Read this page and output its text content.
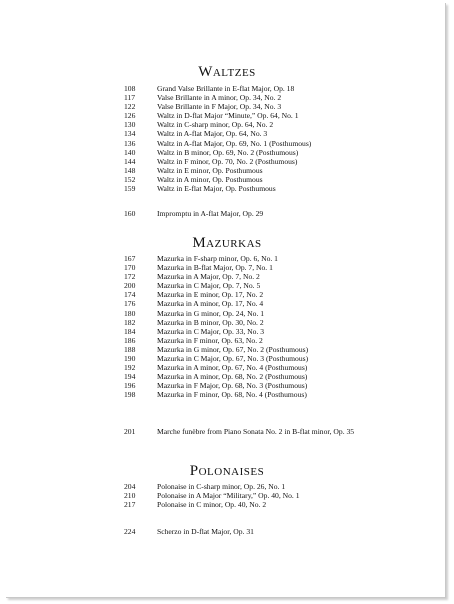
Waltzes
108	Grand Valse Brillante in E-flat Major, Op. 18
117	Valse Brillante in A minor, Op. 34, No. 2
122	Valse Brillante in F Major, Op. 34, No. 3
126	Waltz in D-flat Major “Minute,” Op. 64, No. 1
130	Waltz in C-sharp minor, Op. 64, No. 2
134	Waltz in A-flat Major, Op. 64, No. 3
136	Waltz in A-flat Major, Op. 69, No. 1 (Posthumous)
140	Waltz in B minor, Op. 69, No. 2 (Posthumous)
144	Waltz in F minor, Op. 70, No. 2 (Posthumous)
148	Waltz in E minor, Op. Posthumous
152	Waltz in A minor, Op. Posthumous
159	Waltz in E-flat Major, Op. Posthumous
160	Impromptu in A-flat Major, Op. 29
Mazurkas
167	Mazurka in F-sharp minor, Op. 6, No. 1
170	Mazurka in B-flat Major, Op. 7, No. 1
172	Mazurka in A Major, Op. 7, No. 2
200	Mazurka in C Major, Op. 7, No. 5
174	Mazurka in E minor, Op. 17, No. 2
176	Mazurka in A minor, Op. 17, No. 4
180	Mazurka in G minor, Op. 24, No. 1
182	Mazurka in B minor, Op. 30, No. 2
184	Mazurka in C Major, Op. 33, No. 3
186	Mazurka in F minor, Op. 63, No. 2
188	Mazurka in G minor, Op. 67, No. 2 (Posthumous)
190	Mazurka in C Major, Op. 67, No. 3 (Posthumous)
192	Mazurka in A minor, Op. 67, No. 4 (Posthumous)
194	Mazurka in A minor, Op. 68, No. 2 (Posthumous)
196	Mazurka in F Major, Op. 68, No. 3 (Posthumous)
198	Mazurka in F minor, Op. 68, No. 4 (Posthumous)
201	Marche funèbre from Piano Sonata No. 2 in B-flat minor, Op. 35
Polonaises
204	Polonaise in C-sharp minor, Op. 26, No. 1
210	Polonaise in A Major “Military,” Op. 40, No. 1
217	Polonaise in C minor, Op. 40, No. 2
224	Scherzo in D-flat Major, Op. 31
